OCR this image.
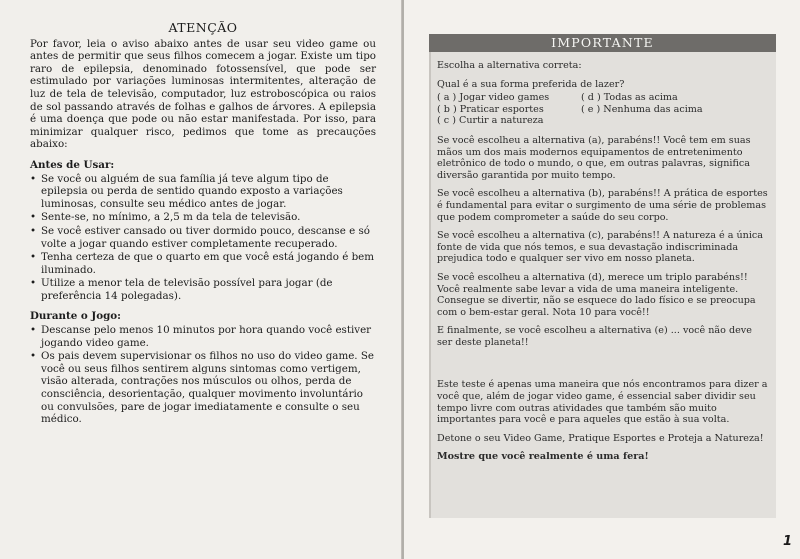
ATENÇÃO

Por favor, leia o aviso abaixo antes de usar seu video game ou antes de permitir que seus filhos comecem a jogar. Existe um tipo raro de epilepsia, denominado fotossensível, que pode ser estimulado por variações luminosas intermitentes, alteração de luz de tela de televisão, computador, luz estroboscópica ou raios de sol passando através de folhas e galhos de árvores. A epilepsia é uma doença que pode ou não estar manifestada. Por isso, para minimizar qualquer risco, pedimos que tome as precauções abaixo:

Antes de Usar:
• Se você ou alguém de sua família já teve algum tipo de epilepsia ou perda de sentido quando exposto a variações luminosas, consulte seu médico antes de jogar.
• Sente-se, no mínimo, a 2,5 m da tela de televisão.
• Se você estiver cansado ou tiver dormido pouco, descanse e só volte a jogar quando estiver completamente recuperado.
• Tenha certeza de que o quarto em que você está jogando é bem iluminado.
• Utilize a menor tela de televisão possível para jogar (de preferência 14 polegadas).
Durante o Jogo:
• Descanse pelo menos 10 minutos por hora quando você estiver jogando video game.
• Os pais devem supervisionar os filhos no uso do video game. Se você ou seus filhos sentirem alguns sintomas como vertigem, visão alterada, contrações nos músculos ou olhos, perda de consciência, desorientação, qualquer movimento involuntário ou convulsões, pare de jogar imediatamente e consulte o seu médico.
IMPORTANTE

Escolha a alternativa correta:

Qual é a sua forma preferida de lazer?

( a ) Jogar video games
( b ) Praticar esportes
( c ) Curtir a natureza
( d ) Todas as acima
( e ) Nenhuma das acima

Se você escolheu a alternativa (a), parabéns!! Você tem em suas mãos um dos mais modernos equipamentos de entretenimento eletrônico de todo o mundo, o que, em outras palavras, significa diversão garantida por muito tempo.

Se você escolheu a alternativa (b), parabéns!! A prática de esportes é fundamental para evitar o surgimento de uma série de problemas que podem comprometer a saúde do seu corpo.

Se você escolheu a alternativa (c), parabéns!! A natureza é a única fonte de vida que nós temos, e sua devastação indiscriminada prejudica todo e qualquer ser vivo em nosso planeta.

Se você escolheu a alternativa (d), merece um triplo parabéns!! Você realmente sabe levar a vida de uma maneira inteligente. Consegue se divertir, não se esquece do lado físico e se preocupa com o bem-estar geral. Nota 10 para você!!

E finalmente, se você escolheu a alternativa (e) ... você não deve ser deste planeta!!

Este teste é apenas uma maneira que nós encontramos para dizer a você que, além de jogar video game, é essencial saber dividir seu tempo livre com outras atividades que também são muito importantes para você e para aqueles que estão à sua volta.

Detone o seu Video Game, Pratique Esportes e Proteja a Natureza!

Mostre que você realmente é uma fera!

1
